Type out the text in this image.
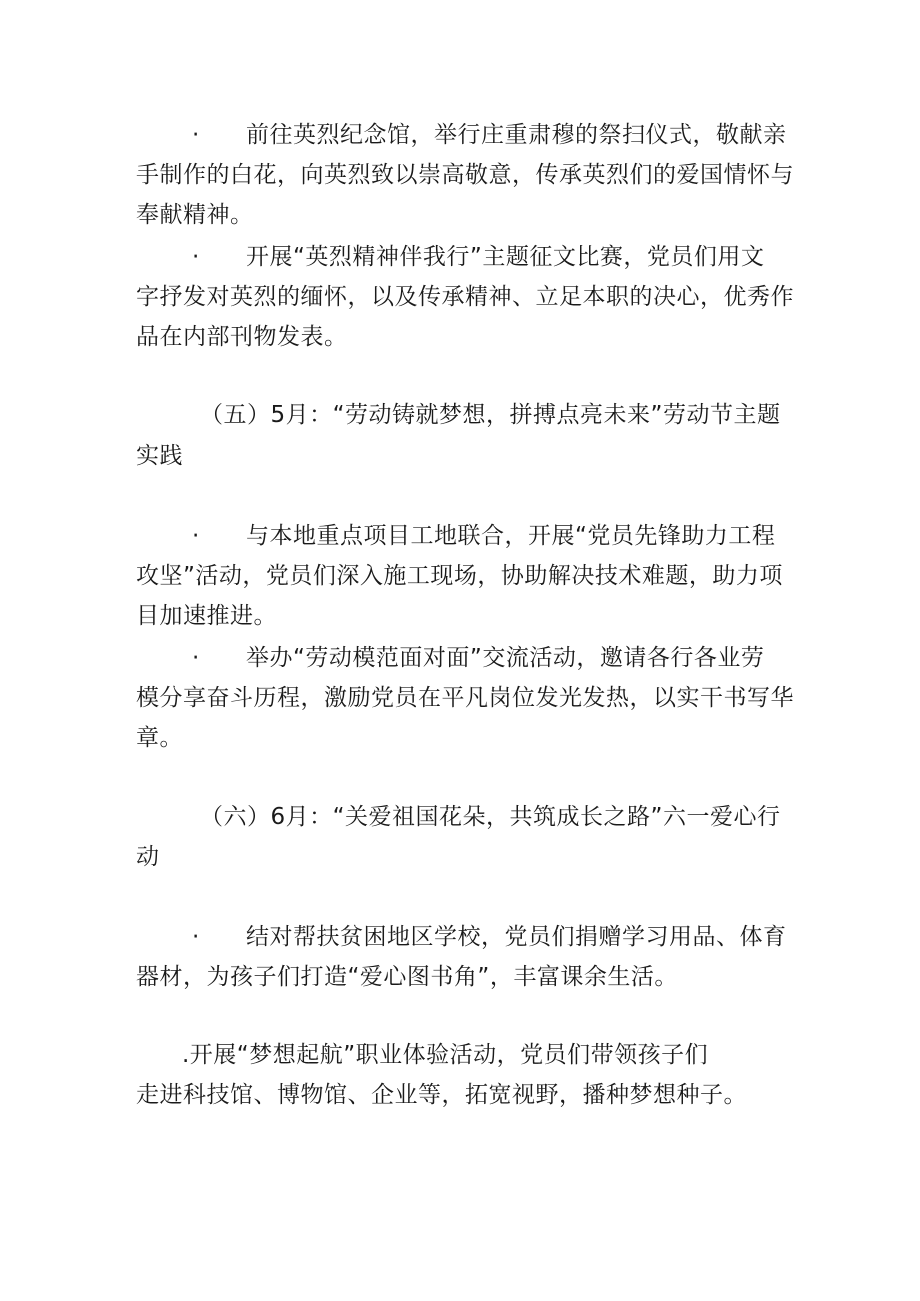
· 前往英烈纪念馆，举行庄重肃穆的祭扫仪式，敬献亲
手制作的白花，向英烈致以崇高敬意，传承英烈们的爱国情怀与
奉献精神。
· 开展“英烈精神伴我行”主题征文比赛，党员们用文
字抒发对英烈的缅怀，以及传承精神、立足本职的决心，优秀作
品在内部刊物发表。
（五）5月：“劳动铸就梦想，拼搏点亮未来”劳动节主题
实践
· 与本地重点项目工地联合，开展“党员先锋助力工程
攻坚”活动，党员们深入施工现场，协助解决技术难题，助力项
目加速推进。
· 举办“劳动模范面对面”交流活动，邀请各行各业劳
模分享奋斗历程，激励党员在平凡岗位发光发热，以实干书写华
章。
（六）6月：“关爱祖国花朵，共筑成长之路”六一爱心行
动
· 结对帮扶贫困地区学校，党员们捐赠学习用品、体育
器材，为孩子们打造“爱心图书角”，丰富课余生活。
.开展“梦想起航”职业体验活动，党员们带领孩子们
走进科技馆、博物馆、企业等，拓宽视野，播种梦想种子。
